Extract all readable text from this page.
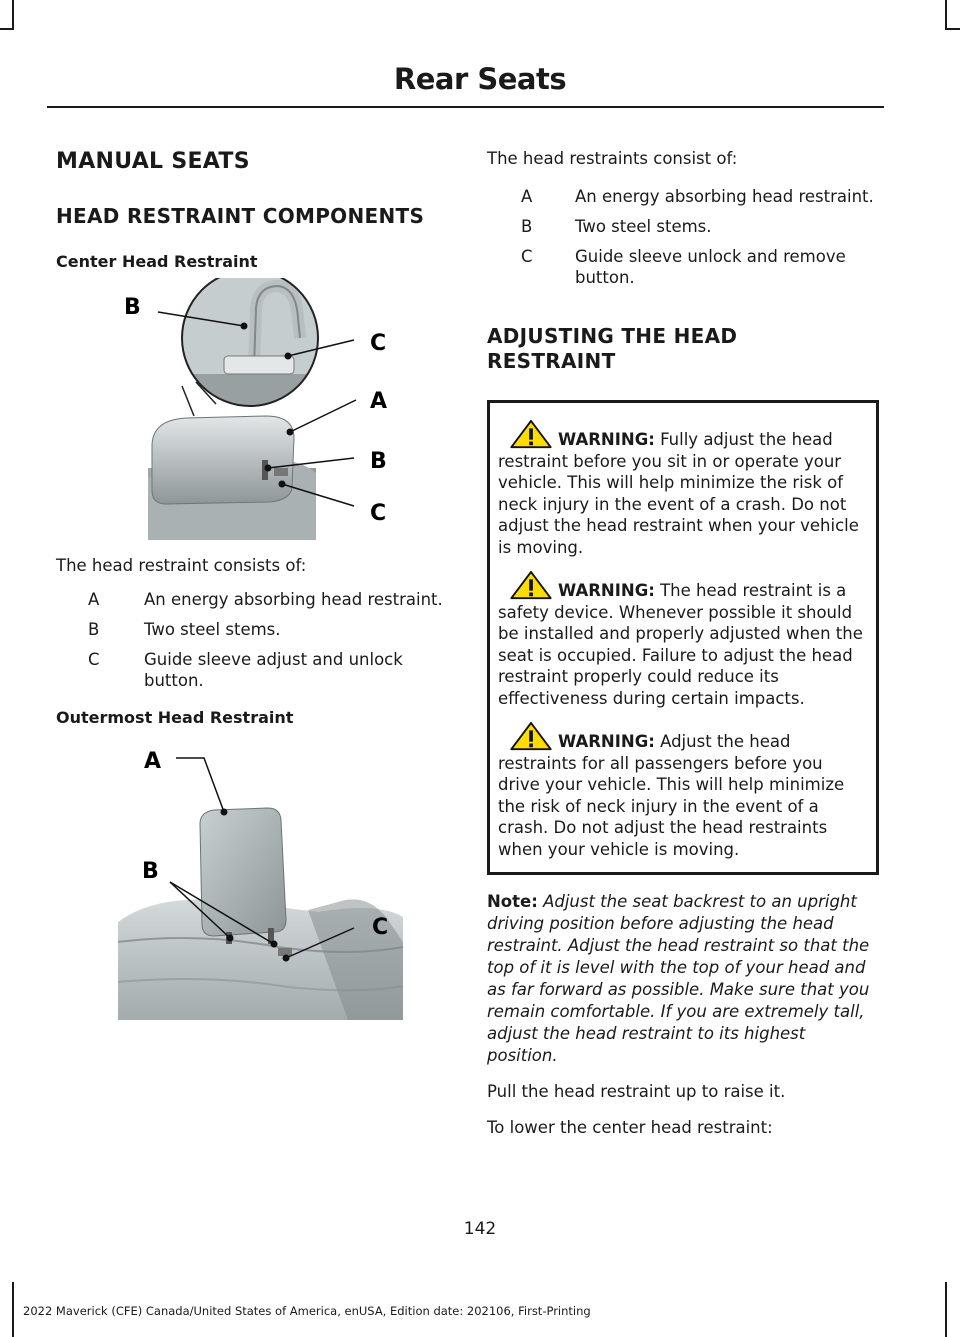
Rear Seats
MANUAL SEATS
HEAD RESTRAINT COMPONENTS
Center Head Restraint
B
C
A
B
C

The head restraint consists of:

A	An energy absorbing head restraint.
B	Two steel stems.
C	Guide sleeve adjust and unlock button.
Outermost Head Restraint
A
B
C

The head restraints consist of:

A	An energy absorbing head restraint.
B	Two steel stems.
C	Guide sleeve unlock and remove button.
ADJUSTING THE HEAD RESTRAINT

WARNING: Fully adjust the head restraint before you sit in or operate your vehicle. This will help minimize the risk of neck injury in the event of a crash. Do not adjust the head restraint when your vehicle is moving.

WARNING: The head restraint is a safety device. Whenever possible it should be installed and properly adjusted when the seat is occupied. Failure to adjust the head restraint properly could reduce its effectiveness during certain impacts.

WARNING: Adjust the head restraints for all passengers before you drive your vehicle. This will help minimize the risk of neck injury in the event of a crash. Do not adjust the head restraints when your vehicle is moving.

Note: Adjust the seat backrest to an upright driving position before adjusting the head restraint. Adjust the head restraint so that the top of it is level with the top of your head and as far forward as possible. Make sure that you remain comfortable. If you are extremely tall, adjust the head restraint to its highest position.

Pull the head restraint up to raise it.

To lower the center head restraint:

142
2022 Maverick (CFE) Canada/United States of America, enUSA, Edition date: 202106, First-Printing
